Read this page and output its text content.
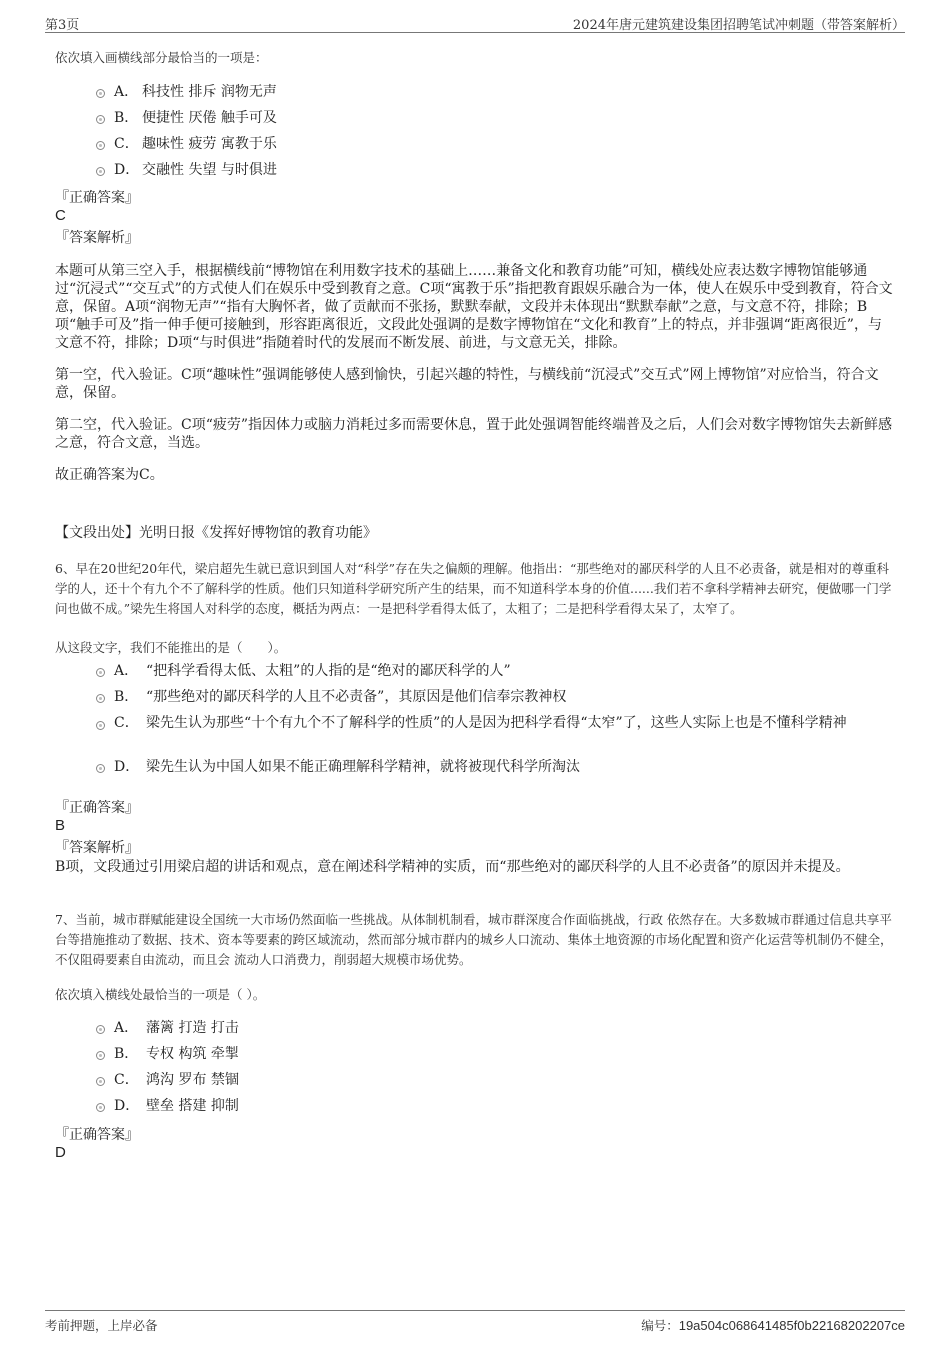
第3页	2024年唐元建筑建设集团招聘笔试冲刺题（带答案解析）
依次填入画横线部分最恰当的一项是：
A． 科技性 排斥 润物无声
B． 便捷性 厌倦 触手可及
C． 趣味性 疲劳 寓教于乐
D． 交融性 失望 与时俱进
『正确答案』
C
『答案解析』

本题可从第三空入手，根据横线前“博物馆在利用数字技术的基础上……兼备文化和教育功能”可知，横线处应表达数字博物馆能够通过“沉浸式”“交互式”的方式使人们在娱乐中受到教育之意。C项“寓教于乐”指把教育跟娱乐融合为一体，使人在娱乐中受到教育，符合文意，保留。A项“润物无声”“指有大胸怀者，做了贡献而不张扬，默默奉献，文段并未体现出“默默奉献”之意，与文意不符，排除；B项“触手可及”指一伸手便可接触到，形容距离很近，文段此处强调的是数字博物馆在“文化和教育”上的特点，并非强调“距离很近”，与文意不符，排除；D项“与时俱进”指随着时代的发展而不断发展、前进，与文意无关，排除。

第一空，代入验证。C项“趣味性”强调能够使人感到愉快，引起兴趣的特性，与横线前“沉浸式”交互式”网上博物馆”对应恰当，符合文意，保留。

第二空，代入验证。C项“疲劳”指因体力或脑力消耗过多而需要休息，置于此处强调智能终端普及之后，人们会对数字博物馆失去新鲜感之意，符合文意，当选。

故正确答案为C。

【文段出处】光明日报《发挥好博物馆的教育功能》
6、早在20世纪20年代，梁启超先生就已意识到国人对“科学”存在失之偏颇的理解。他指出：“那些绝对的鄙厌科学的人且不必责备，就是相对的尊重科学的人，还十个有九个不了解科学的性质。他们只知道科学研究所产生的结果，而不知道科学本身的价值......我们若不拿科学精神去研究，便做哪一门学问也做不成。”梁先生将国人对科学的态度，概括为两点：一是把科学看得太低了，太粗了；二是把科学看得太呆了，太窄了。
从这段文字，我们不能推出的是（　　）。
A． “把科学看得太低、太粗”的人指的是“绝对的鄙厌科学的人”
B． “那些绝对的鄙厌科学的人且不必责备”，其原因是他们信奉宗教神权
C． 梁先生认为那些“十个有九个不了解科学的性质”的人是因为把科学看得“太窄”了，这些人实际上也是不懂科学精神
D． 梁先生认为中国人如果不能正确理解科学精神，就将被现代科学所淘汰
『正确答案』
B
『答案解析』
B项，文段通过引用梁启超的讲话和观点，意在阐述科学精神的实质，而“那些绝对的鄙厌科学的人且不必责备”的原因并未提及。
7、当前，城市群赋能建设全国统一大市场仍然面临一些挑战。从体制机制看，城市群深度合作面临挑战，行政 依然存在。大多数城市群通过信息共享平台等措施推动了数据、技术、资本等要素的跨区域流动，然而部分城市群内的城乡人口流动、集体土地资源的市场化配置和资产化运营等机制仍不健全，不仅阻碍要素自由流动，而且会 流动人口消费力，削弱超大规模市场优势。
依次填入横线处最恰当的一项是（ ）。
A． 藩篱 打造 打击
B． 专权 构筑 牵掣
C． 鸿沟 罗布 禁锢
D． 壁垒 搭建 抑制
『正确答案』
D
考前押题，上岸必备	编号：19a504c068641485f0b22168202207ce
